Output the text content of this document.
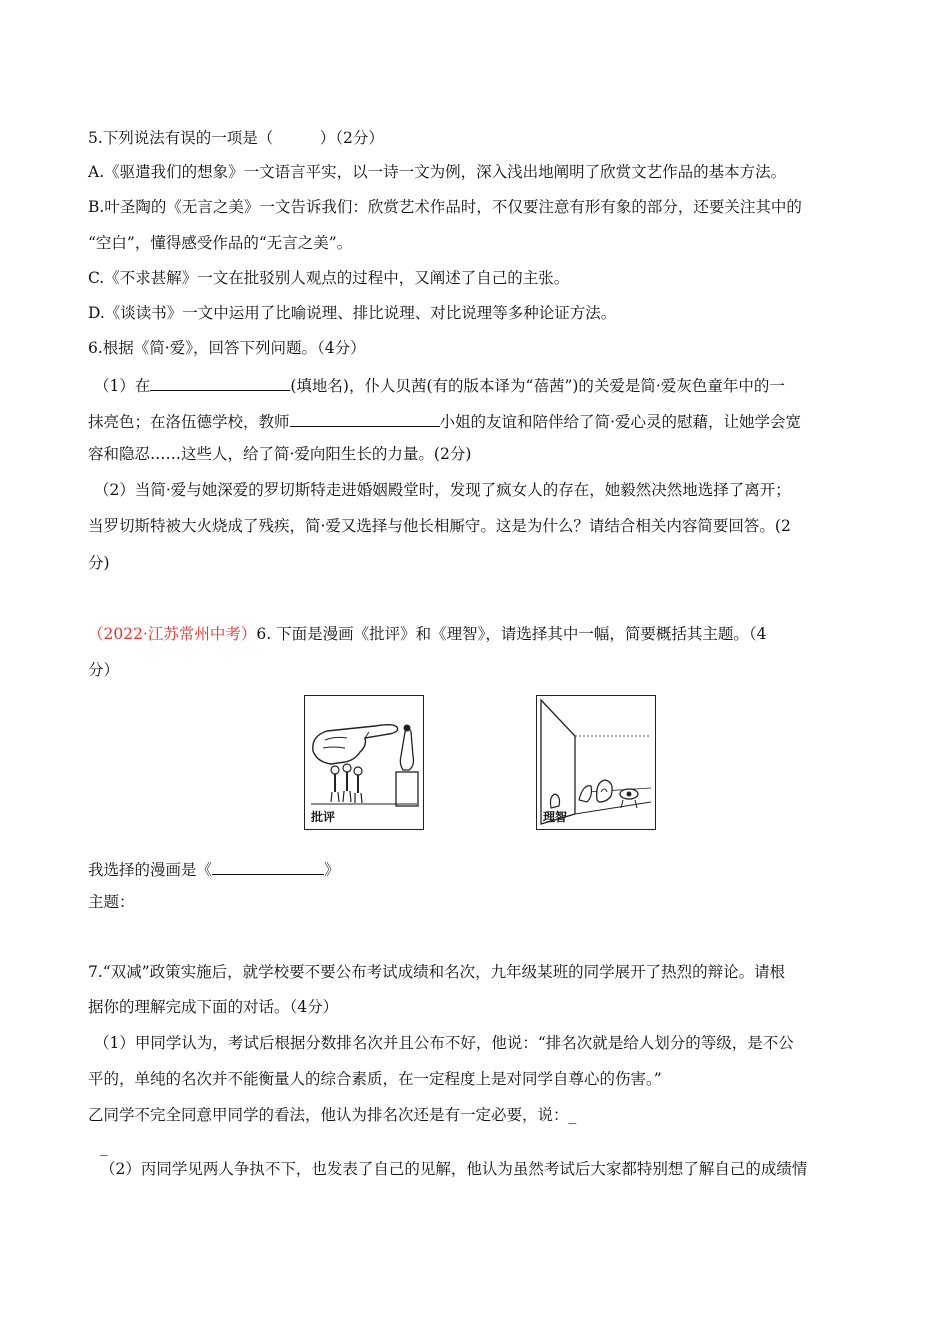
5.下列说法有误的一项是（　　　）（2分）
A.《驱遣我们的想象》一文语言平实，以一诗一文为例，深入浅出地阐明了欣赏文艺作品的基本方法。
B.叶圣陶的《无言之美》一文告诉我们：欣赏艺术作品时，不仅要注意有形有象的部分，还要关注其中的
“空白”，懂得感受作品的“无言之美”。
C.《不求甚解》一文在批驳别人观点的过程中，又阐述了自己的主张。
D.《谈读书》一文中运用了比喻说理、排比说理、对比说理等多种论证方法。
6.根据《简·爱》，回答下列问题。（4分）
（1）在	(填地名)，仆人贝茜(有的版本译为“蓓茜”)的关爱是简·爱灰色童年中的一
抹亮色；在洛伍德学校，教师	小姐的友谊和陪伴给了简·爱心灵的慰藉，让她学会宽
容和隐忍……这些人，给了简·爱向阳生长的力量。(2分)
（2）当简·爱与她深爱的罗切斯特走进婚姻殿堂时，发现了疯女人的存在，她毅然决然地选择了离开；
当罗切斯特被大火烧成了残疾，简·爱又选择与他长相厮守。这是为什么？请结合相关内容简要回答。(2
分)
（2022·江苏常州中考）6. 下面是漫画《批评》和《理智》，请选择其中一幅，简要概括其主题。（4
分）
批评	理智
我选择的漫画是《	》
主题：
7.“双减”政策实施后，就学校要不要公布考试成绩和名次，九年级某班的同学展开了热烈的辩论。请根
据你的理解完成下面的对话。（4分）
（1）甲同学认为，考试后根据分数排名次并且公布不好，他说：“排名次就是给人划分的等级，是不公
平的，单纯的名次并不能衡量人的综合素质，在一定程度上是对同学自尊心的伤害。”
乙同学不完全同意甲同学的看法，他认为排名次还是有一定必要，说：_
_
（2）丙同学见两人争执不下，也发表了自己的见解，他认为虽然考试后大家都特别想了解自己的成绩情
